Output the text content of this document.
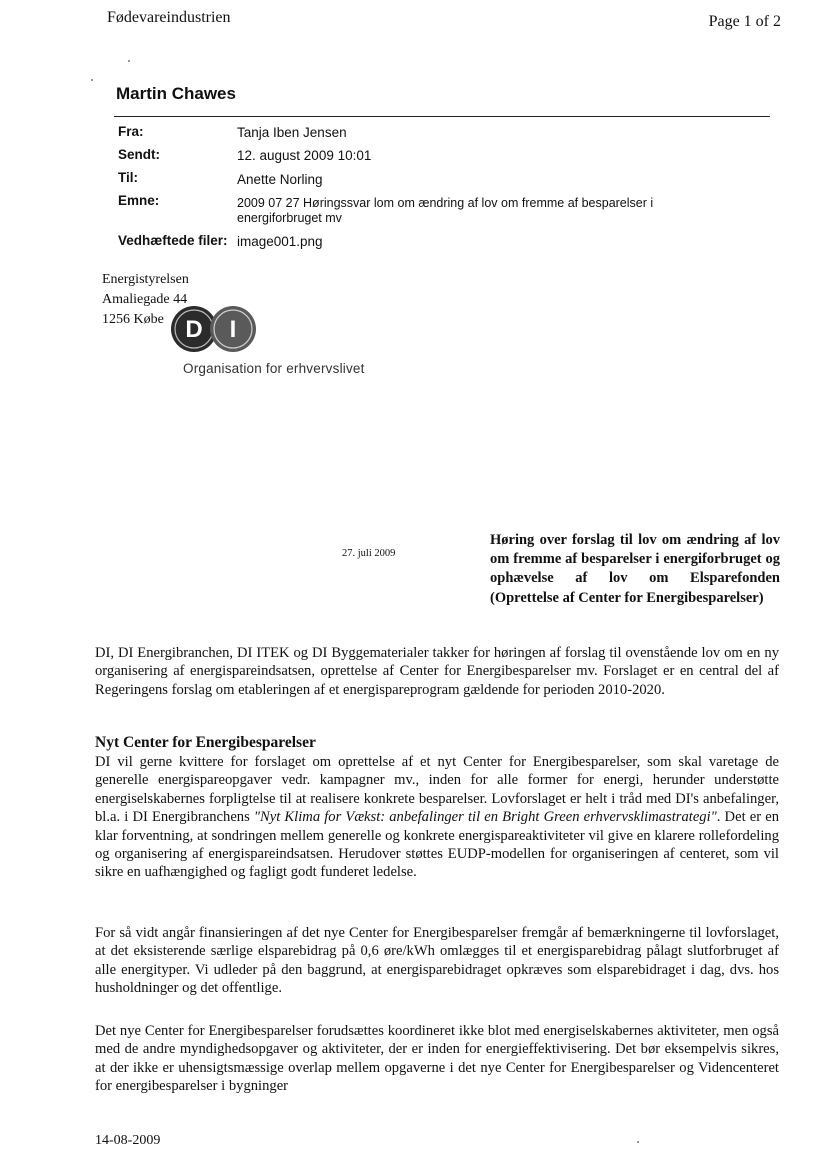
Fødevareindustrien	Page 1 of 2
Martin Chawes
Fra:	Tanja Iben Jensen
Sendt:	12. august 2009 10:01
Til:	Anette Norling
Emne:	2009 07 27 Høringssvar lom om ændring af lov om fremme af besparelser i
energiforbruget mv
Vedhæftede filer: image001.png
Energistyrelsen
Amaliegade 44
1256 Købe D I
Organisation for erhvervslivet
27. juli 2009
Høring over forslag til lov om ændring af lov om fremme af besparelser i energiforbruget og ophævelse af lov om Elsparefonden (Oprettelse af Center for Energibesparelser)
DI, DI Energibranchen, DI ITEK og DI Byggematerialer takker for høringen af forslag til ovenstående lov om en ny organisering af energispareindsatsen, oprettelse af Center for Energibesparelser mv. Forslaget er en central del af Regeringens forslag om etableringen af et energispareprogram gældende for perioden 2010-2020.
Nyt Center for Energibesparelser
DI vil gerne kvittere for forslaget om oprettelse af et nyt Center for Energibesparelser, som skal varetage de generelle energispareopgaver vedr. kampagner mv., inden for alle former for energi, herunder understøtte energiselskabernes forpligtelse til at realisere konkrete besparelser. Lovforslaget er helt i tråd med DI's anbefalinger, bl.a. i DI Energibranchens "Nyt Klima for Vækst: anbefalinger til en Bright Green erhvervsklimastrategi". Det er en klar forventning, at sondringen mellem generelle og konkrete energispareaktiviteter vil give en klarere rollefordeling og organisering af energispareindsatsen. Herudover støttes EUDP-modellen for organiseringen af centeret, som vil sikre en uafhængighed og fagligt godt funderet ledelse.
For så vidt angår finansieringen af det nye Center for Energibesparelser fremgår af bemærkningerne til lovforslaget, at det eksisterende særlige elsparebidrag på 0,6 øre/kWh omlægges til et energisparebidrag pålagt slutforbruget af alle energityper. Vi udleder på den baggrund, at energisparebidraget opkræves som elsparebidraget i dag, dvs. hos husholdninger og det offentlige.
Det nye Center for Energibesparelser forudsættes koordineret ikke blot med energiselskabernes aktiviteter, men også med de andre myndighedsopgaver og aktiviteter, der er inden for energieffektivisering. Det bør eksempelvis sikres, at der ikke er uhensigtsmæssige overlap mellem opgaverne i det nye Center for Energibesparelser og Videncenteret for energibesparelser i bygninger
14-08-2009
